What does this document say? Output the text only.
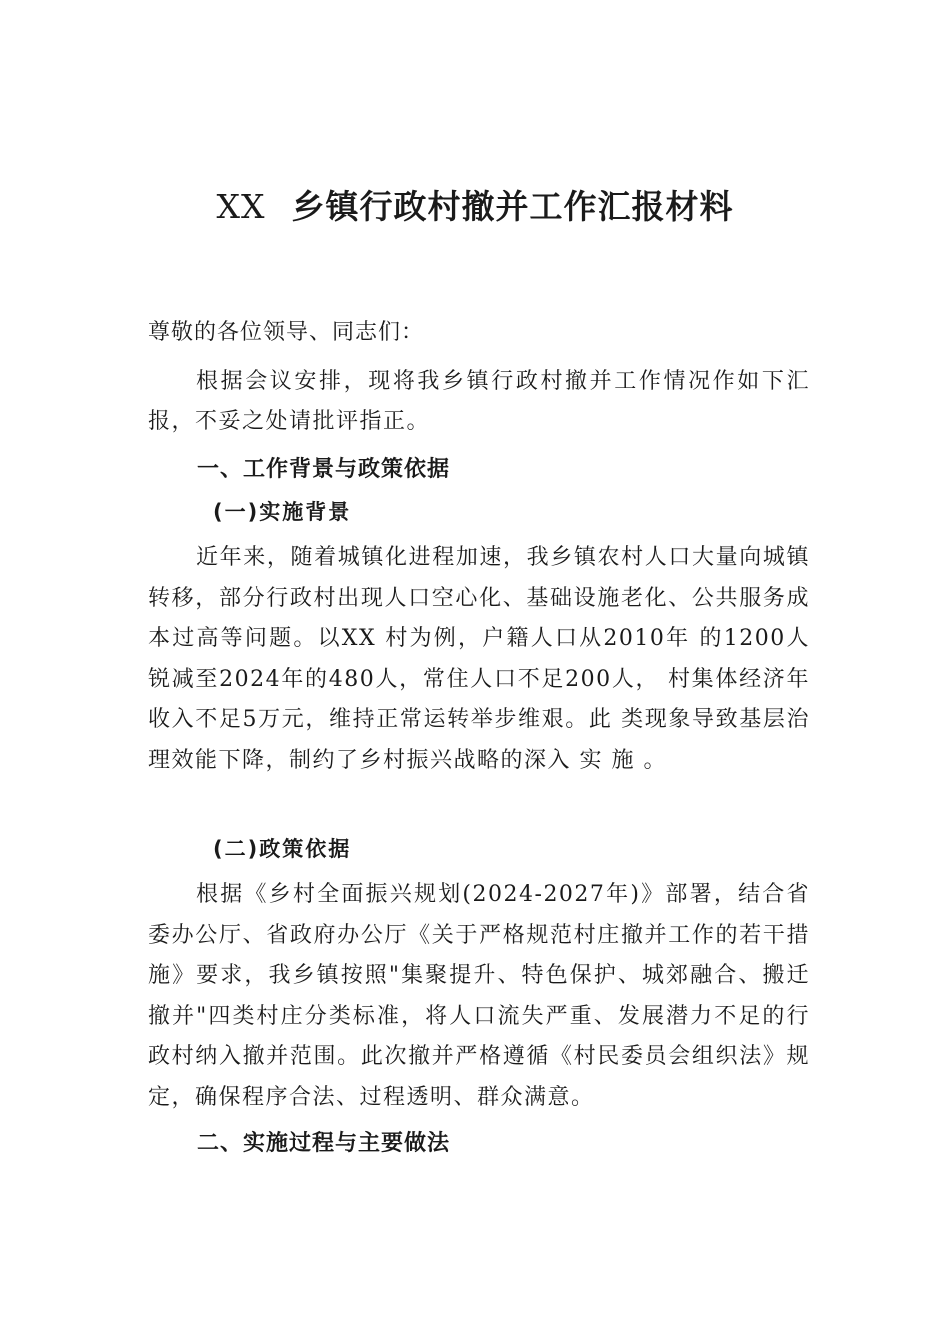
XX 乡镇行政村撤并工作汇报材料
尊敬的各位领导、同志们：
根据会议安排，现将我乡镇行政村撤并工作情况作如下汇报，不妥之处请批评指正。
一、工作背景与政策依据
(一)实施背景
近年来，随着城镇化进程加速，我乡镇农村人口大量向城镇转移，部分行政村出现人口空心化、基础设施老化、公共服务成本过高等问题。以XX 村为例，户籍人口从2010年 的1200人锐减至2024年的480人，常住人口不足200人， 村集体经济年收入不足5万元，维持正常运转举步维艰。此 类现象导致基层治理效能下降，制约了乡村振兴战略的深入 实 施 。
(二)政策依据
根据《乡村全面振兴规划(2024-2027年)》部署，结合省委办公厅、省政府办公厅《关于严格规范村庄撤并工作的若干措施》要求，我乡镇按照"集聚提升、特色保护、城郊融合、搬迁撤并"四类村庄分类标准，将人口流失严重、发展潜力不足的行政村纳入撤并范围。此次撤并严格遵循《村民委员会组织法》规定，确保程序合法、过程透明、群众满意。
二、实施过程与主要做法
